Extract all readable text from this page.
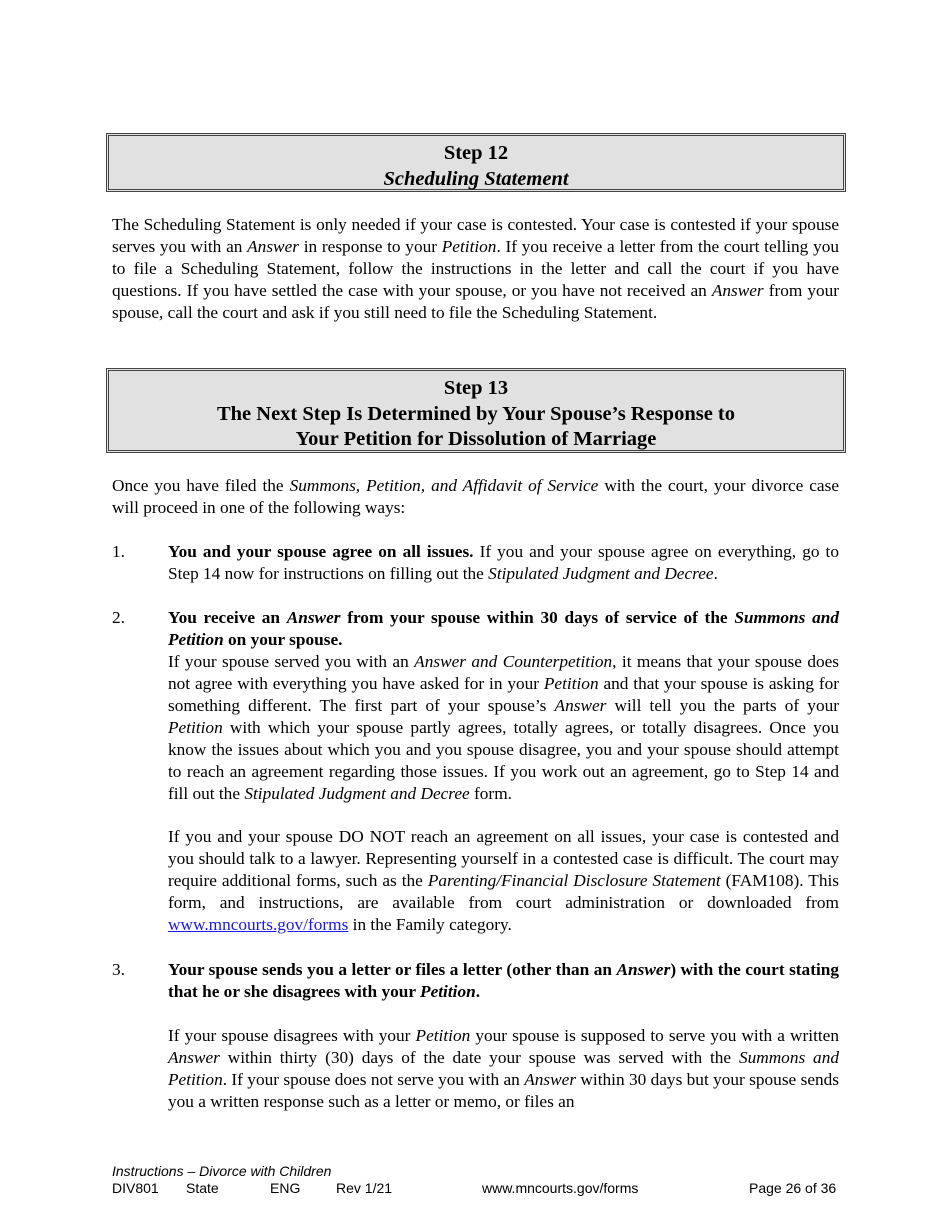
Step 12
Scheduling Statement

The Scheduling Statement is only needed if your case is contested. Your case is contested if your spouse serves you with an Answer in response to your Petition. If you receive a letter from the court telling you to file a Scheduling Statement, follow the instructions in the letter and call the court if you have questions. If you have settled the case with your spouse, or you have not received an Answer from your spouse, call the court and ask if you still need to file the Scheduling Statement.

Step 13
The Next Step Is Determined by Your Spouse’s Response to
Your Petition for Dissolution of Marriage

Once you have filed the Summons, Petition, and Affidavit of Service with the court, your divorce case will proceed in one of the following ways:

1. You and your spouse agree on all issues. If you and your spouse agree on everything, go to Step 14 now for instructions on filling out the Stipulated Judgment and Decree.

2. You receive an Answer from your spouse within 30 days of service of the Summons and Petition on your spouse.
If your spouse served you with an Answer and Counterpetition, it means that your spouse does not agree with everything you have asked for in your Petition and that your spouse is asking for something different. The first part of your spouse’s Answer will tell you the parts of your Petition with which your spouse partly agrees, totally agrees, or totally disagrees. Once you know the issues about which you and you spouse disagree, you and your spouse should attempt to reach an agreement regarding those issues. If you work out an agreement, go to Step 14 and fill out the Stipulated Judgment and Decree form.

If you and your spouse DO NOT reach an agreement on all issues, your case is contested and you should talk to a lawyer. Representing yourself in a contested case is difficult. The court may require additional forms, such as the Parenting/Financial Disclosure Statement (FAM108). This form, and instructions, are available from court administration or downloaded from www.mncourts.gov/forms in the Family category.

3. Your spouse sends you a letter or files a letter (other than an Answer) with the court stating that he or she disagrees with your Petition.

If your spouse disagrees with your Petition your spouse is supposed to serve you with a written Answer within thirty (30) days of the date your spouse was served with the Summons and Petition. If your spouse does not serve you with an Answer within 30 days but your spouse sends you a written response such as a letter or memo, or files an

Instructions – Divorce with Children
DIV801 State	ENG	Rev 1/21	www.mncourts.gov/forms	Page 26 of 36
